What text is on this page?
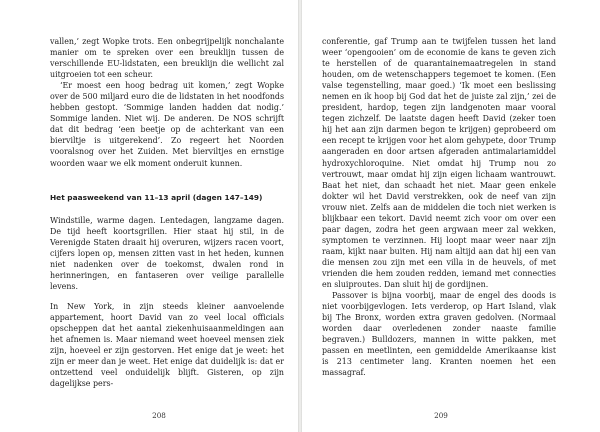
vallen,’ zegt Wopke trots. Een onbegrijpelijk nonchalante manier om te spreken over een breuklijn tussen de verschillende EU-lidstaten, een breuklijn die wellicht zal uitgroeien tot een scheur.

‘Er moest een hoog bedrag uit komen,’ zegt Wopke over de 500 miljard euro die de lidstaten in het noodfonds hebben gestopt. ‘Sommige landen hadden dat nodig.’ Sommige landen. Niet wij. De anderen. De NOS schrijft dat dit bedrag ‘een beetje op de achterkant van een bierviltje is uitgerekend’. Zo regeert het Noorden vooralsnog over het Zuiden. Met bierviltjes en ernstige woorden waar we elk moment onderuit kunnen.

Het paasweekend van 11–13 april (dagen 147–149)

Windstille, warme dagen. Lentedagen, langzame dagen. De tijd heeft koortsgrillen. Hier staat hij stil, in de Verenigde Staten draait hij overuren, wijzers racen voort, cijfers lopen op, mensen zitten vast in het heden, kunnen niet nadenken over de toekomst, dwalen rond in herinneringen, en fantaseren over veilige parallelle levens.

In New York, in zijn steeds kleiner aanvoelende appartement, hoort David van zo veel local officials opscheppen dat het aantal ziekenhuisaanmeldingen aan het afnemen is. Maar niemand weet hoeveel mensen ziek zijn, hoeveel er zijn gestorven. Het enige dat je weet: het zijn er meer dan je weet. Het enige dat duidelijk is: dat er ontzettend veel onduidelijk blijft. Gisteren, op zijn dagelijkse pers-

208

conferentie, gaf Trump aan te twijfelen tussen het land weer ‘opengooien’ om de economie de kans te geven zich te herstellen of de quarantainemaatregelen in stand houden, om de wetenschappers tegemoet te komen. (Een valse tegenstelling, maar goed.) ‘Ik moet een beslissing nemen en ik hoop bij God dat het de juiste zal zijn,’ zei de president, hardop, tegen zijn landgenoten maar vooral tegen zichzelf. De laatste dagen heeft David (zeker toen hij het aan zijn darmen begon te krijgen) geprobeerd om een recept te krijgen voor het alom gehypete, door Trump aangeraden en door artsen afgeraden antimalariamiddel hydroxychloroquine. Niet omdat hij Trump nou zo vertrouwt, maar omdat hij zijn eigen lichaam wantrouwt. Baat het niet, dan schaadt het niet. Maar geen enkele dokter wil het David verstrekken, ook de neef van zijn vrouw niet. Zelfs aan de middelen die toch niet werken is blijkbaar een tekort. David neemt zich voor om over een paar dagen, zodra het geen argwaan meer zal wekken, symptomen te verzinnen. Hij loopt maar weer naar zijn raam, kijkt naar buiten. Hij nam altijd aan dat hij een van die mensen zou zijn met een villa in de heuvels, of met vrienden die hem zouden redden, iemand met connecties en sluiproutes. Dan sluit hij de gordijnen.

Passover is bijna voorbij, maar de engel des doods is niet voorbijgevlogen. Iets verderop, op Hart Island, vlak bij The Bronx, worden extra graven gedolven. (Normaal worden daar overledenen zonder naaste familie begraven.) Bulldozers, mannen in witte pakken, met passen en meetlinten, een gemiddelde Amerikaanse kist is 213 centimeter lang. Kranten noemen het een massagraf.

209
